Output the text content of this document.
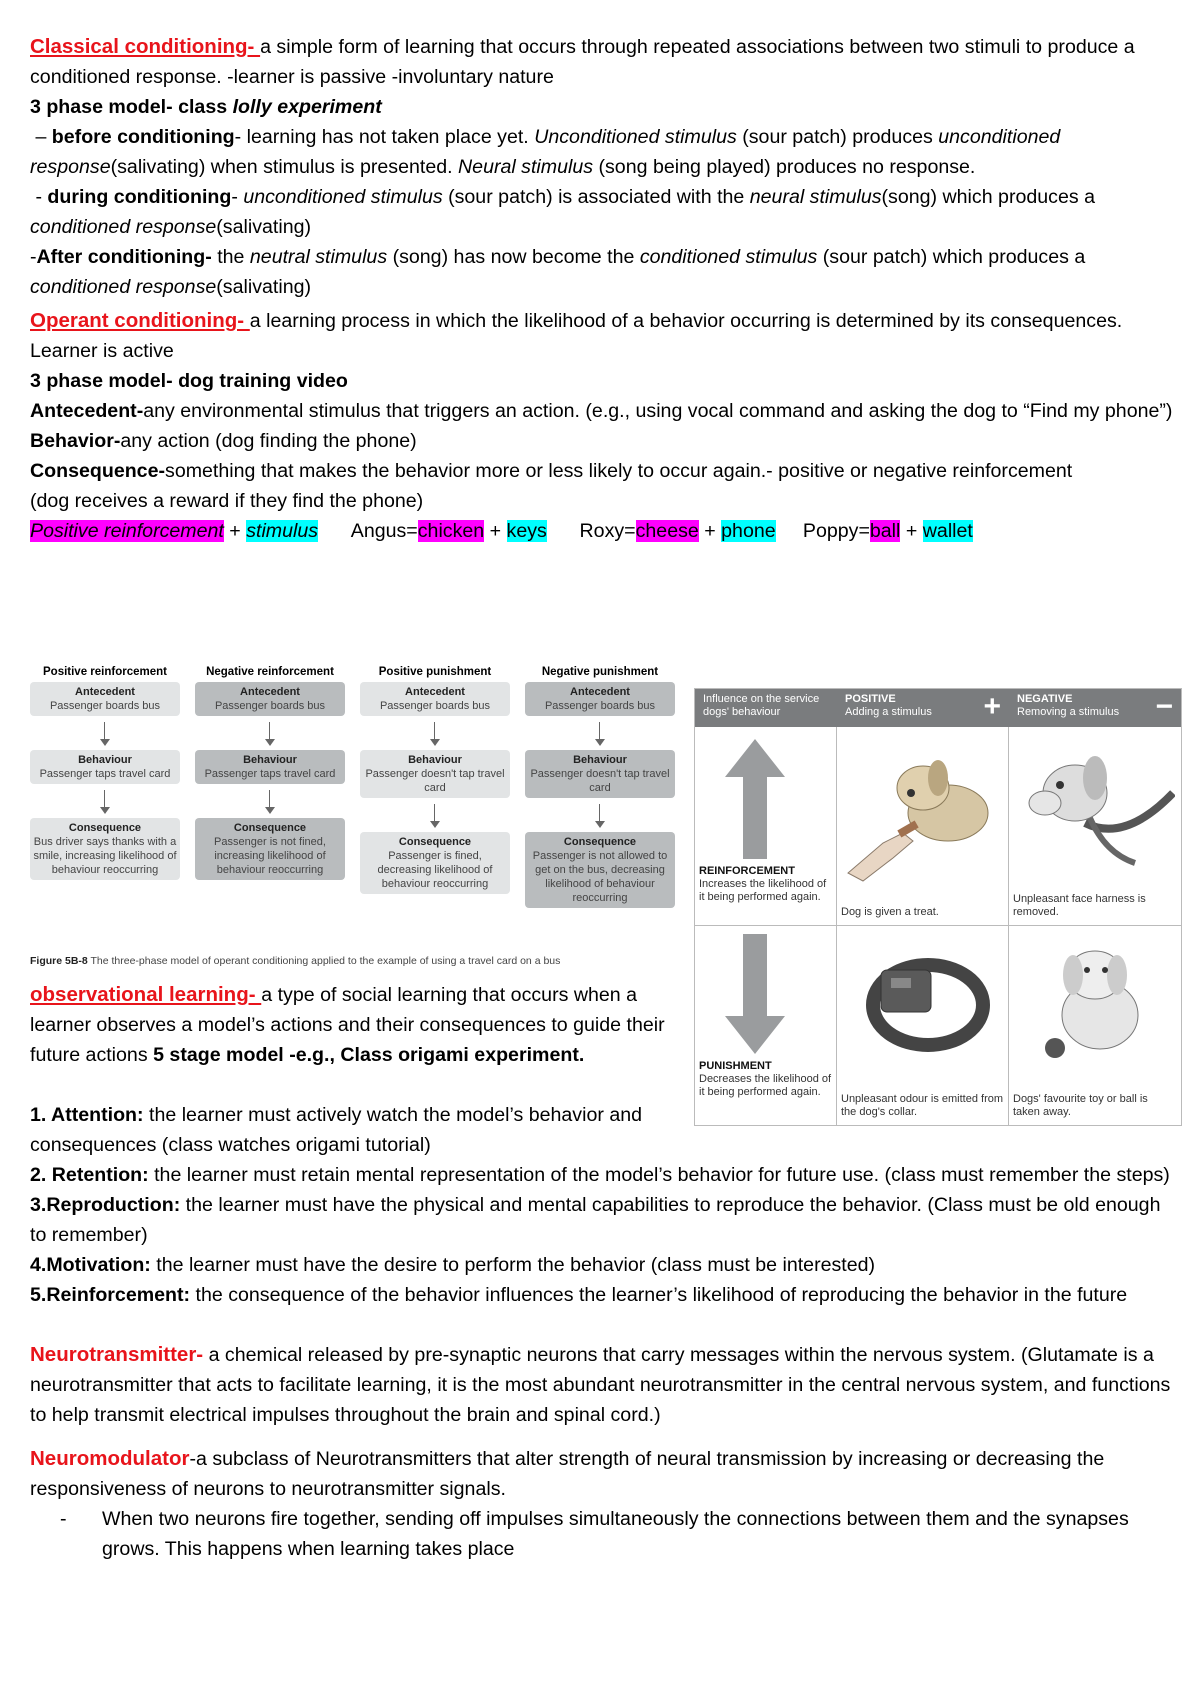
Classical conditioning- a simple form of learning that occurs through repeated associations between two stimuli to produce a conditioned response. -learner is passive -involuntary nature

3 phase model- class lolly experiment

– before conditioning- learning has not taken place yet. Unconditioned stimulus (sour patch) produces unconditioned response(salivating) when stimulus is presented. Neural stimulus (song being played) produces no response.

- during conditioning- unconditioned stimulus (sour patch) is associated with the neural stimulus(song) which produces a conditioned response(salivating)

-After conditioning- the neutral stimulus (song) has now become the conditioned stimulus (sour patch) which produces a conditioned response(salivating)

Operant conditioning- a learning process in which the likelihood of a behavior occurring is determined by its consequences. Learner is active

3 phase model- dog training video

Antecedent-any environmental stimulus that triggers an action. (e.g., using vocal command and asking the dog to “Find my phone”)

Behavior-any action (dog finding the phone)

Consequence-something that makes the behavior more or less likely to occur again.- positive or negative reinforcement

(dog receives a reward if they find the phone)

Positive reinforcement + stimulus Angus=chicken + keys Roxy=cheese + phone Poppy=ball + wallet

Positive reinforcement
Antecedent
Passenger boards bus
Behaviour
Passenger taps travel card
Consequence
Bus driver says thanks with a smile, increasing likelihood of behaviour reoccurring
Negative reinforcement
Antecedent
Passenger boards bus
Behaviour
Passenger taps travel card
Consequence
Passenger is not fined, increasing likelihood of behaviour reoccurring
Positive punishment
Antecedent
Passenger boards bus
Behaviour
Passenger doesn't tap travel card
Consequence
Passenger is fined, decreasing likelihood of behaviour reoccurring
Negative punishment
Antecedent
Passenger boards bus
Behaviour
Passenger doesn't tap travel card
Consequence
Passenger is not allowed to get on the bus, decreasing likelihood of behaviour reoccurring
Figure 5B-8 The three-phase model of operant conditioning applied to the example of using a travel card on a bus
Influence on the service dogs' behaviour
POSITIVE
Adding a stimulus + NEGATIVE
Removing a stimulus −
REINFORCEMENT
Increases the likelihood of it being performed again.
Dog is given a treat.
Unpleasant face harness is removed.
PUNISHMENT
Decreases the likelihood of it being performed again.
Unpleasant odour is emitted from the dog's collar.
Dogs' favourite toy or ball is taken away.

observational learning- a type of social learning that occurs when a learner observes a model’s actions and their consequences to guide their future actions 5 stage model -e.g., Class origami experiment.

1. Attention: the learner must actively watch the model’s behavior and consequences (class watches origami tutorial)

2. Retention: the learner must retain mental representation of the model’s behavior for future use. (class must remember the steps)

3.Reproduction: the learner must have the physical and mental capabilities to reproduce the behavior. (Class must be old enough to remember)

4.Motivation: the learner must have the desire to perform the behavior (class must be interested)

5.Reinforcement: the consequence of the behavior influences the learner’s likelihood of reproducing the behavior in the future

Neurotransmitter- a chemical released by pre-synaptic neurons that carry messages within the nervous system. (Glutamate is a neurotransmitter that acts to facilitate learning, it is the most abundant neurotransmitter in the central nervous system, and functions to help transmit electrical impulses throughout the brain and spinal cord.)

Neuromodulator-a subclass of Neurotransmitters that alter strength of neural transmission by increasing or decreasing the responsiveness of neurons to neurotransmitter signals.

-	When two neurons fire together, sending off impulses simultaneously the connections between them and the synapses grows. This happens when learning takes place
